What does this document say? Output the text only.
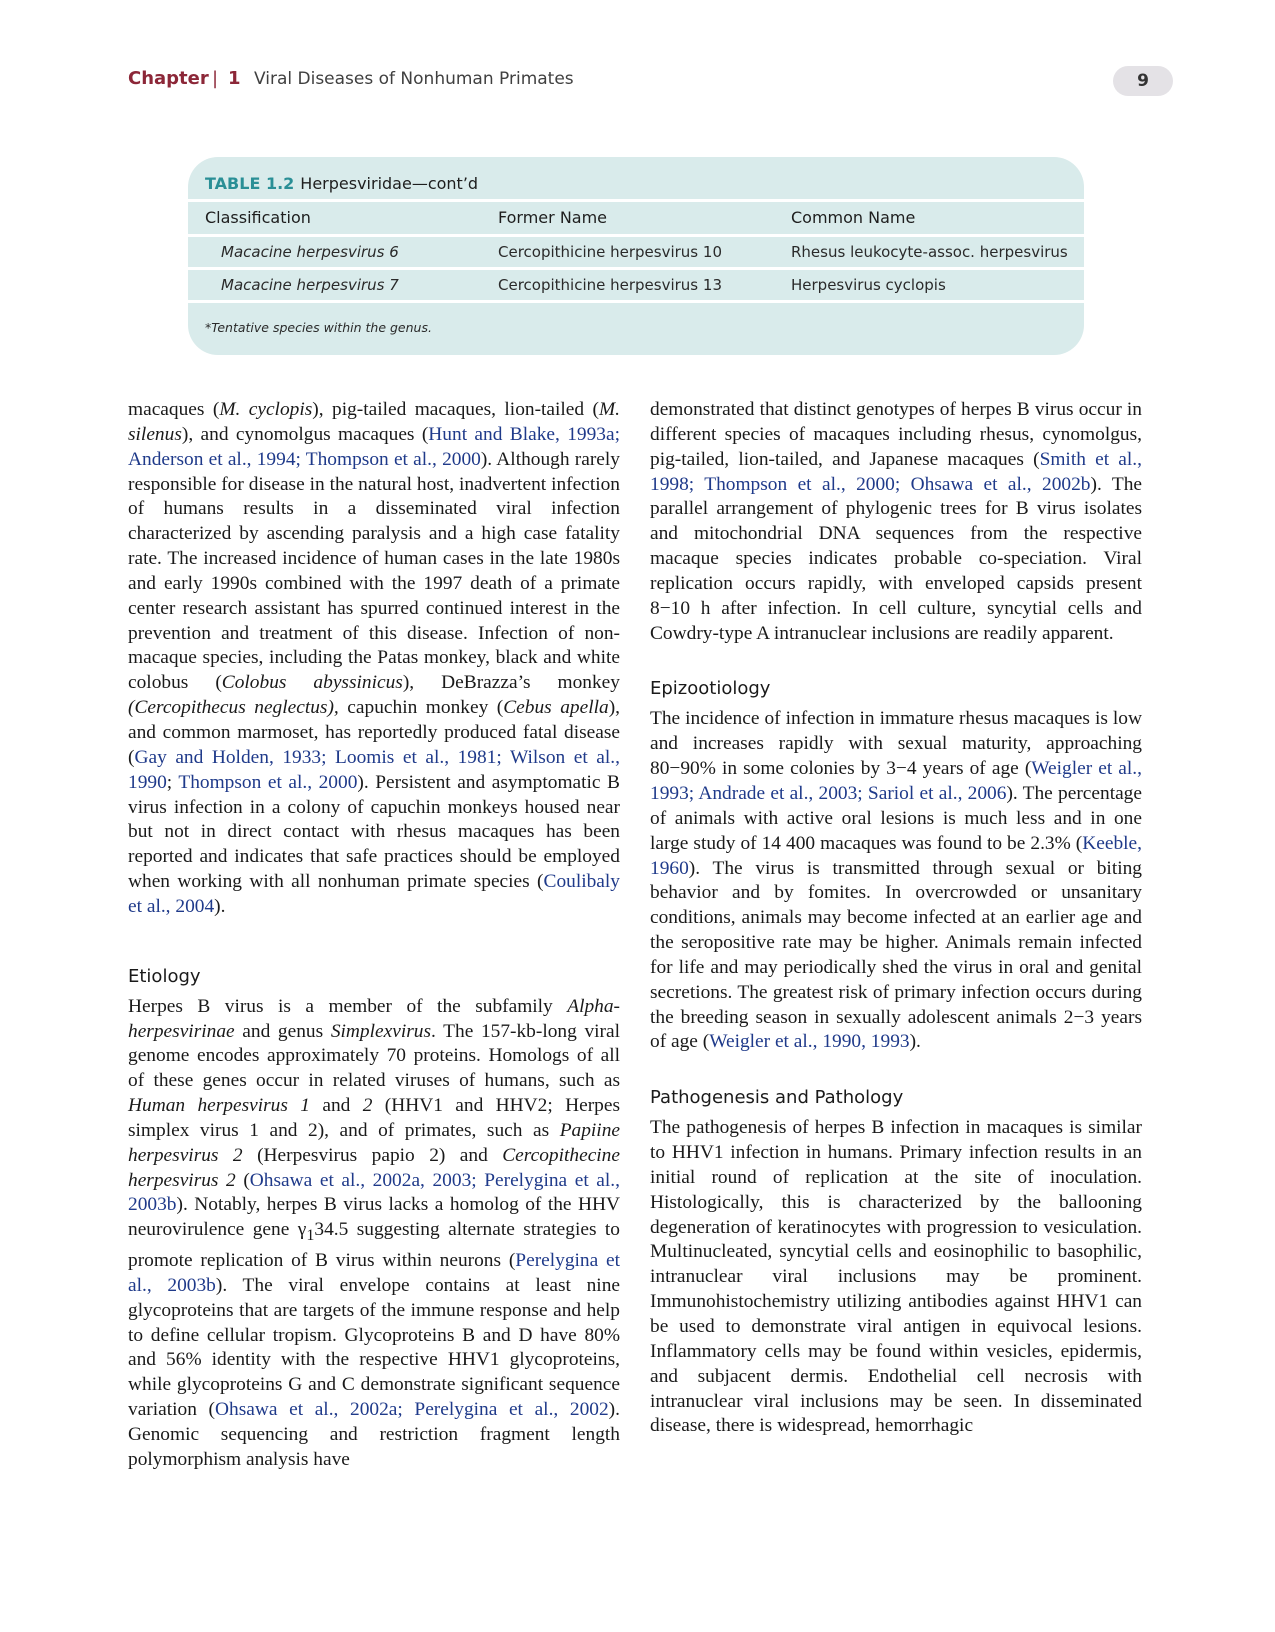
Chapter | 1 Viral Diseases of Nonhuman Primates	9
TABLE 1.2 Herpesviridae—cont’d
Classification	Former Name	Common Name
Macacine herpesvirus 6	Cercopithicine herpesvirus 10	Rhesus leukocyte-assoc. herpesvirus
Macacine herpesvirus 7	Cercopithicine herpesvirus 13	Herpesvirus cyclopis
*Tentative species within the genus.

macaques (M. cyclopis), pig-tailed macaques, lion-tailed (M. silenus), and cynomolgus macaques (Hunt and Blake, 1993a; Anderson et al., 1994; Thompson et al., 2000). Although rarely responsible for disease in the natural host, inadvertent infection of humans results in a disseminated viral infection characterized by ascending paralysis and a high case fatality rate. The increased incidence of human cases in the late 1980s and early 1990s combined with the 1997 death of a primate center research assistant has spurred continued interest in the prevention and treatment of this disease. Infection of non-macaque species, including the Patas monkey, black and white colobus (Colobus abyssinicus), DeBrazza’s monkey (Cercopithecus neglectus), capuchin monkey (Cebus apella), and common marmoset, has reportedly produced fatal disease (Gay and Holden, 1933; Loomis et al., 1981; Wilson et al., 1990; Thompson et al., 2000). Persistent and asymptomatic B virus infection in a colony of capuchin monkeys housed near but not in direct contact with rhesus macaques has been reported and indicates that safe practices should be employed when working with all nonhuman primate species (Coulibaly et al., 2004).

Etiology

Herpes B virus is a member of the subfamily Alpha-herpesvirinae and genus Simplexvirus. The 157-kb-long viral genome encodes approximately 70 proteins. Homologs of all of these genes occur in related viruses of humans, such as Human herpesvirus 1 and 2 (HHV1 and HHV2; Herpes simplex virus 1 and 2), and of primates, such as Papiine herpesvirus 2 (Herpesvirus papio 2) and Cercopithecine herpesvirus 2 (Ohsawa et al., 2002a, 2003; Perelygina et al., 2003b). Notably, herpes B virus lacks a homolog of the HHV neurovirulence gene $\gamma_134.5$ suggesting alternate strategies to promote replication of B virus within neurons (Perelygina et al., 2003b). The viral envelope contains at least nine glycoproteins that are targets of the immune response and help to define cellular tropism. Glycoproteins B and D have 80% and 56% identity with the respective HHV1 glycoproteins, while glycoproteins G and C demonstrate significant sequence variation (Ohsawa et al., 2002a; Perelygina et al., 2002). Genomic sequencing and restriction fragment length polymorphism analysis have

demonstrated that distinct genotypes of herpes B virus occur in different species of macaques including rhesus, cynomolgus, pig-tailed, lion-tailed, and Japanese macaques (Smith et al., 1998; Thompson et al., 2000; Ohsawa et al., 2002b). The parallel arrangement of phylogenic trees for B virus isolates and mitochondrial DNA sequences from the respective macaque species indicates probable co-speciation. Viral replication occurs rapidly, with enveloped capsids present 8−10 h after infection. In cell culture, syncytial cells and Cowdry-type A intranuclear inclusions are readily apparent.

Epizootiology

The incidence of infection in immature rhesus macaques is low and increases rapidly with sexual maturity, approaching 80−90% in some colonies by 3−4 years of age (Weigler et al., 1993; Andrade et al., 2003; Sariol et al., 2006). The percentage of animals with active oral lesions is much less and in one large study of 14 400 macaques was found to be 2.3% (Keeble, 1960). The virus is transmitted through sexual or biting behavior and by fomites. In overcrowded or unsanitary conditions, animals may become infected at an earlier age and the seropositive rate may be higher. Animals remain infected for life and may periodically shed the virus in oral and genital secretions. The greatest risk of primary infection occurs during the breeding season in sexually adolescent animals 2−3 years of age (Weigler et al., 1990, 1993).

Pathogenesis and Pathology

The pathogenesis of herpes B infection in macaques is similar to HHV1 infection in humans. Primary infection results in an initial round of replication at the site of inoculation. Histologically, this is characterized by the ballooning degeneration of keratinocytes with progression to vesiculation. Multinucleated, syncytial cells and eosinophilic to basophilic, intranuclear viral inclusions may be prominent. Immunohistochemistry utilizing antibodies against HHV1 can be used to demonstrate viral antigen in equivocal lesions. Inflammatory cells may be found within vesicles, epidermis, and subjacent dermis. Endothelial cell necrosis with intranuclear viral inclusions may be seen. In disseminated disease, there is widespread, hemorrhagic
